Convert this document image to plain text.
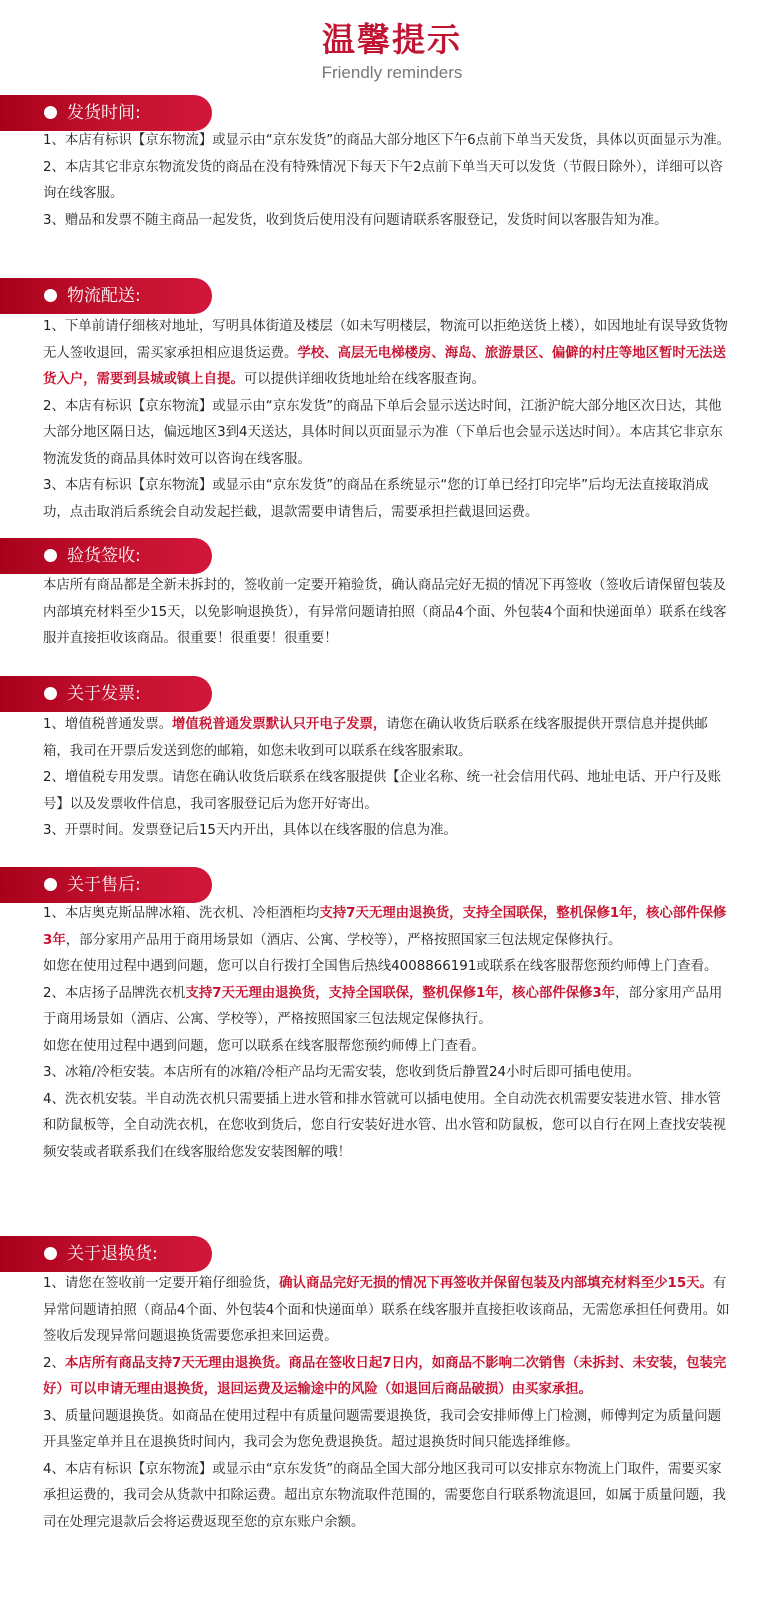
温馨提示
Friendly reminders
发货时间:

1、本店有标识【京东物流】或显示由“京东发货”的商品大部分地区下午6点前下单当天发货，具体以页面显示为准。

2、本店其它非京东物流发货的商品在没有特殊情况下每天下午2点前下单当天可以发货（节假日除外），详细可以咨询在线客服。

3、赠品和发票不随主商品一起发货，收到货后使用没有问题请联系客服登记，发货时间以客服告知为准。

物流配送:

1、下单前请仔细核对地址，写明具体街道及楼层（如未写明楼层，物流可以拒绝送货上楼），如因地址有误导致货物无人签收退回，需买家承担相应退货运费。学校、高层无电梯楼房、海岛、旅游景区、偏僻的村庄等地区暂时无法送货入户，需要到县城或镇上自提。可以提供详细收货地址给在线客服查询。

2、本店有标识【京东物流】或显示由“京东发货”的商品下单后会显示送达时间，江浙沪皖大部分地区次日达，其他大部分地区隔日达，偏远地区3到4天送达，具体时间以页面显示为准（下单后也会显示送达时间）。本店其它非京东物流发货的商品具体时效可以咨询在线客服。

3、本店有标识【京东物流】或显示由“京东发货”的商品在系统显示“您的订单已经打印完毕”后均无法直接取消成功，点击取消后系统会自动发起拦截，退款需要申请售后，需要承担拦截退回运费。

验货签收:

本店所有商品都是全新未拆封的，签收前一定要开箱验货，确认商品完好无损的情况下再签收（签收后请保留包装及内部填充材料至少15天，以免影响退换货），有异常问题请拍照（商品4个面、外包装4个面和快递面单）联系在线客服并直接拒收该商品。很重要！很重要！很重要！

关于发票:

1、增值税普通发票。增值税普通发票默认只开电子发票，请您在确认收货后联系在线客服提供开票信息并提供邮箱，我司在开票后发送到您的邮箱，如您未收到可以联系在线客服索取。

2、增值税专用发票。请您在确认收货后联系在线客服提供【企业名称、统一社会信用代码、地址电话、开户行及账号】以及发票收件信息，我司客服登记后为您开好寄出。

3、开票时间。发票登记后15天内开出，具体以在线客服的信息为准。

关于售后:

1、本店奥克斯品牌冰箱、洗衣机、冷柜酒柜均支持7天无理由退换货，支持全国联保，整机保修1年，核心部件保修3年，部分家用产品用于商用场景如（酒店、公寓、学校等），严格按照国家三包法规定保修执行。

如您在使用过程中遇到问题，您可以自行拨打全国售后热线4008866191或联系在线客服帮您预约师傅上门查看。

2、本店扬子品牌洗衣机支持7天无理由退换货，支持全国联保，整机保修1年，核心部件保修3年，部分家用产品用于商用场景如（酒店、公寓、学校等），严格按照国家三包法规定保修执行。

如您在使用过程中遇到问题，您可以联系在线客服帮您预约师傅上门查看。

3、冰箱/冷柜安装。本店所有的冰箱/冷柜产品均无需安装，您收到货后静置24小时后即可插电使用。

4、洗衣机安装。半自动洗衣机只需要插上进水管和排水管就可以插电使用。全自动洗衣机需要安装进水管、排水管和防鼠板等，全自动洗衣机，在您收到货后，您自行安装好进水管、出水管和防鼠板，您可以自行在网上查找安装视频安装或者联系我们在线客服给您发安装图解的哦！

关于退换货:

1、请您在签收前一定要开箱仔细验货，确认商品完好无损的情况下再签收并保留包装及内部填充材料至少15天。有异常问题请拍照（商品4个面、外包装4个面和快递面单）联系在线客服并直接拒收该商品，无需您承担任何费用。如签收后发现异常问题退换货需要您承担来回运费。

2、本店所有商品支持7天无理由退换货。商品在签收日起7日内，如商品不影响二次销售（未拆封、未安装，包装完好）可以申请无理由退换货，退回运费及运输途中的风险（如退回后商品破损）由买家承担。

3、质量问题退换货。如商品在使用过程中有质量问题需要退换货，我司会安排师傅上门检测，师傅判定为质量问题开具鉴定单并且在退换货时间内，我司会为您免费退换货。超过退换货时间只能选择维修。

4、本店有标识【京东物流】或显示由“京东发货”的商品全国大部分地区我司可以安排京东物流上门取件，需要买家承担运费的，我司会从货款中扣除运费。超出京东物流取件范围的，需要您自行联系物流退回，如属于质量问题，我司在处理完退款后会将运费返现至您的京东账户余额。
